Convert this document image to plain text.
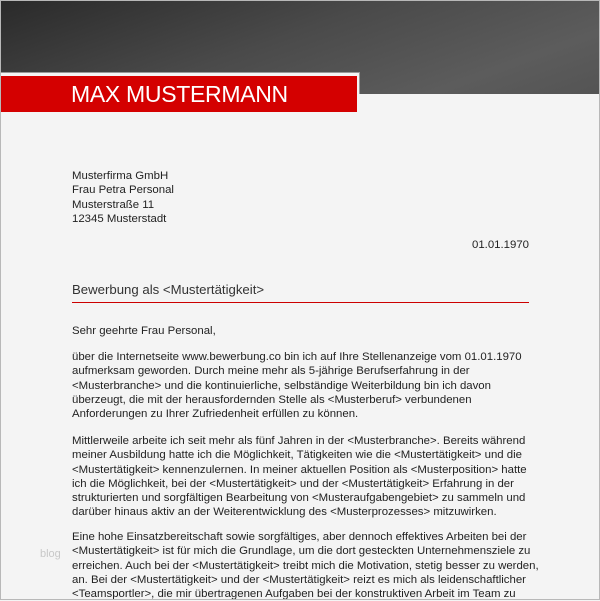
MAX MUSTERMANN
Musterfirma GmbH
Frau Petra Personal
Musterstraße 11
12345 Musterstadt
01.01.1970
Bewerbung als <Mustertätigkeit>
Sehr geehrte Frau Personal,
über die Internetseite www.bewerbung.co bin ich auf Ihre Stellenanzeige vom 01.01.1970
aufmerksam geworden. Durch meine mehr als 5-jährige Berufserfahrung in der
<Musterbranche> und die kontinuierliche, selbständige Weiterbildung bin ich davon
überzeugt, die mit der herausfordernden Stelle als <Musterberuf> verbundenen
Anforderungen zu Ihrer Zufriedenheit erfüllen zu können.
Mittlerweile arbeite ich seit mehr als fünf Jahren in der <Musterbranche>. Bereits während
meiner Ausbildung hatte ich die Möglichkeit, Tätigkeiten wie die <Mustertätigkeit> und die
<Mustertätigkeit> kennenzulernen. In meiner aktuellen Position als <Musterposition> hatte
ich die Möglichkeit, bei der <Mustertätigkeit> und der <Mustertätigkeit> Erfahrung in der
strukturierten und sorgfältigen Bearbeitung von <Musteraufgabengebiet> zu sammeln und
darüber hinaus aktiv an der Weiterentwicklung des <Musterprozesses> mitzuwirken.
Eine hohe Einsatzbereitschaft sowie sorgfältiges, aber dennoch effektives Arbeiten bei der
<Mustertätigkeit> ist für mich die Grundlage, um die dort gesteckten Unternehmensziele zu
erreichen. Auch bei der <Mustertätigkeit> treibt mich die Motivation, stetig besser zu werden,
an. Bei der <Mustertätigkeit> und der <Mustertätigkeit> reizt es mich als leidenschaftlicher
<Teamsportler>, die mir übertragenen Aufgaben bei der konstruktiven Arbeit im Team zu
blog
